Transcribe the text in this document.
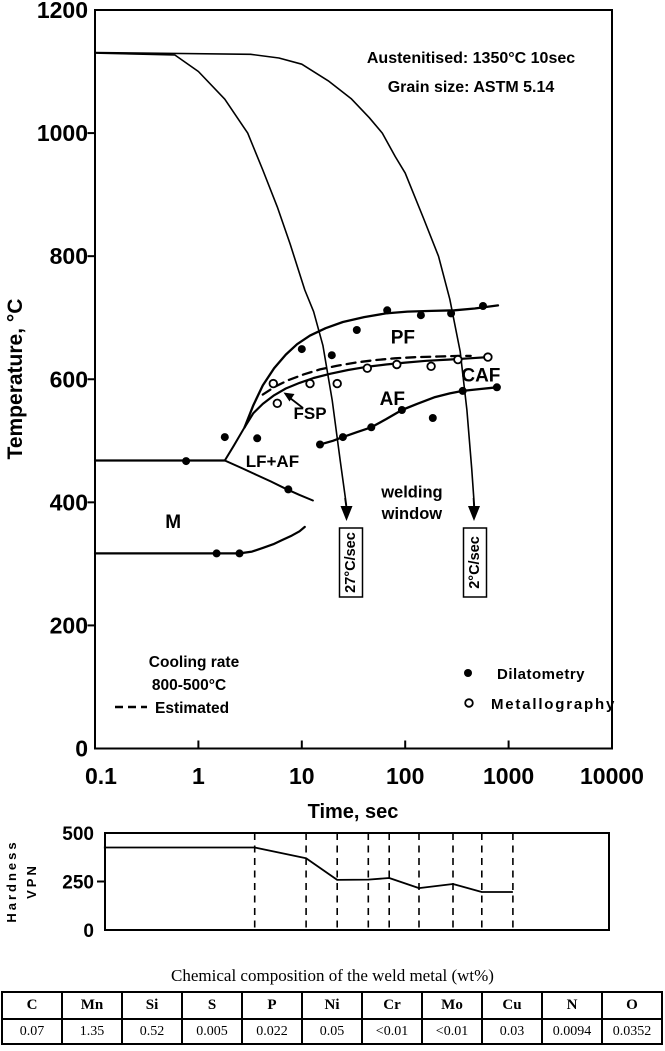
0.1	1	10	100	1000 10000
0
200
400
600
800
1000
1200
PF
AF
CAF
FSP
LF+AF
M
welding
window
Temperature, °C
Time, sec
Austenitised: 1350°C 10sec
Grain size: ASTM 5.14
27°C/sec	2°C/sec
Cooling rate
800-500°C
Estimated
Dilatometry
Metallography
0
250
500
Hardness VPN
Chemical composition of the weld metal (wt%)
C	Mn	Si	S	P	Ni	Cr	Mo	Cu	N	O
0.07	1.35	0.52	0.005	0.022	0.05	<0.01	<0.01	0.03	0.0094	0.0352
